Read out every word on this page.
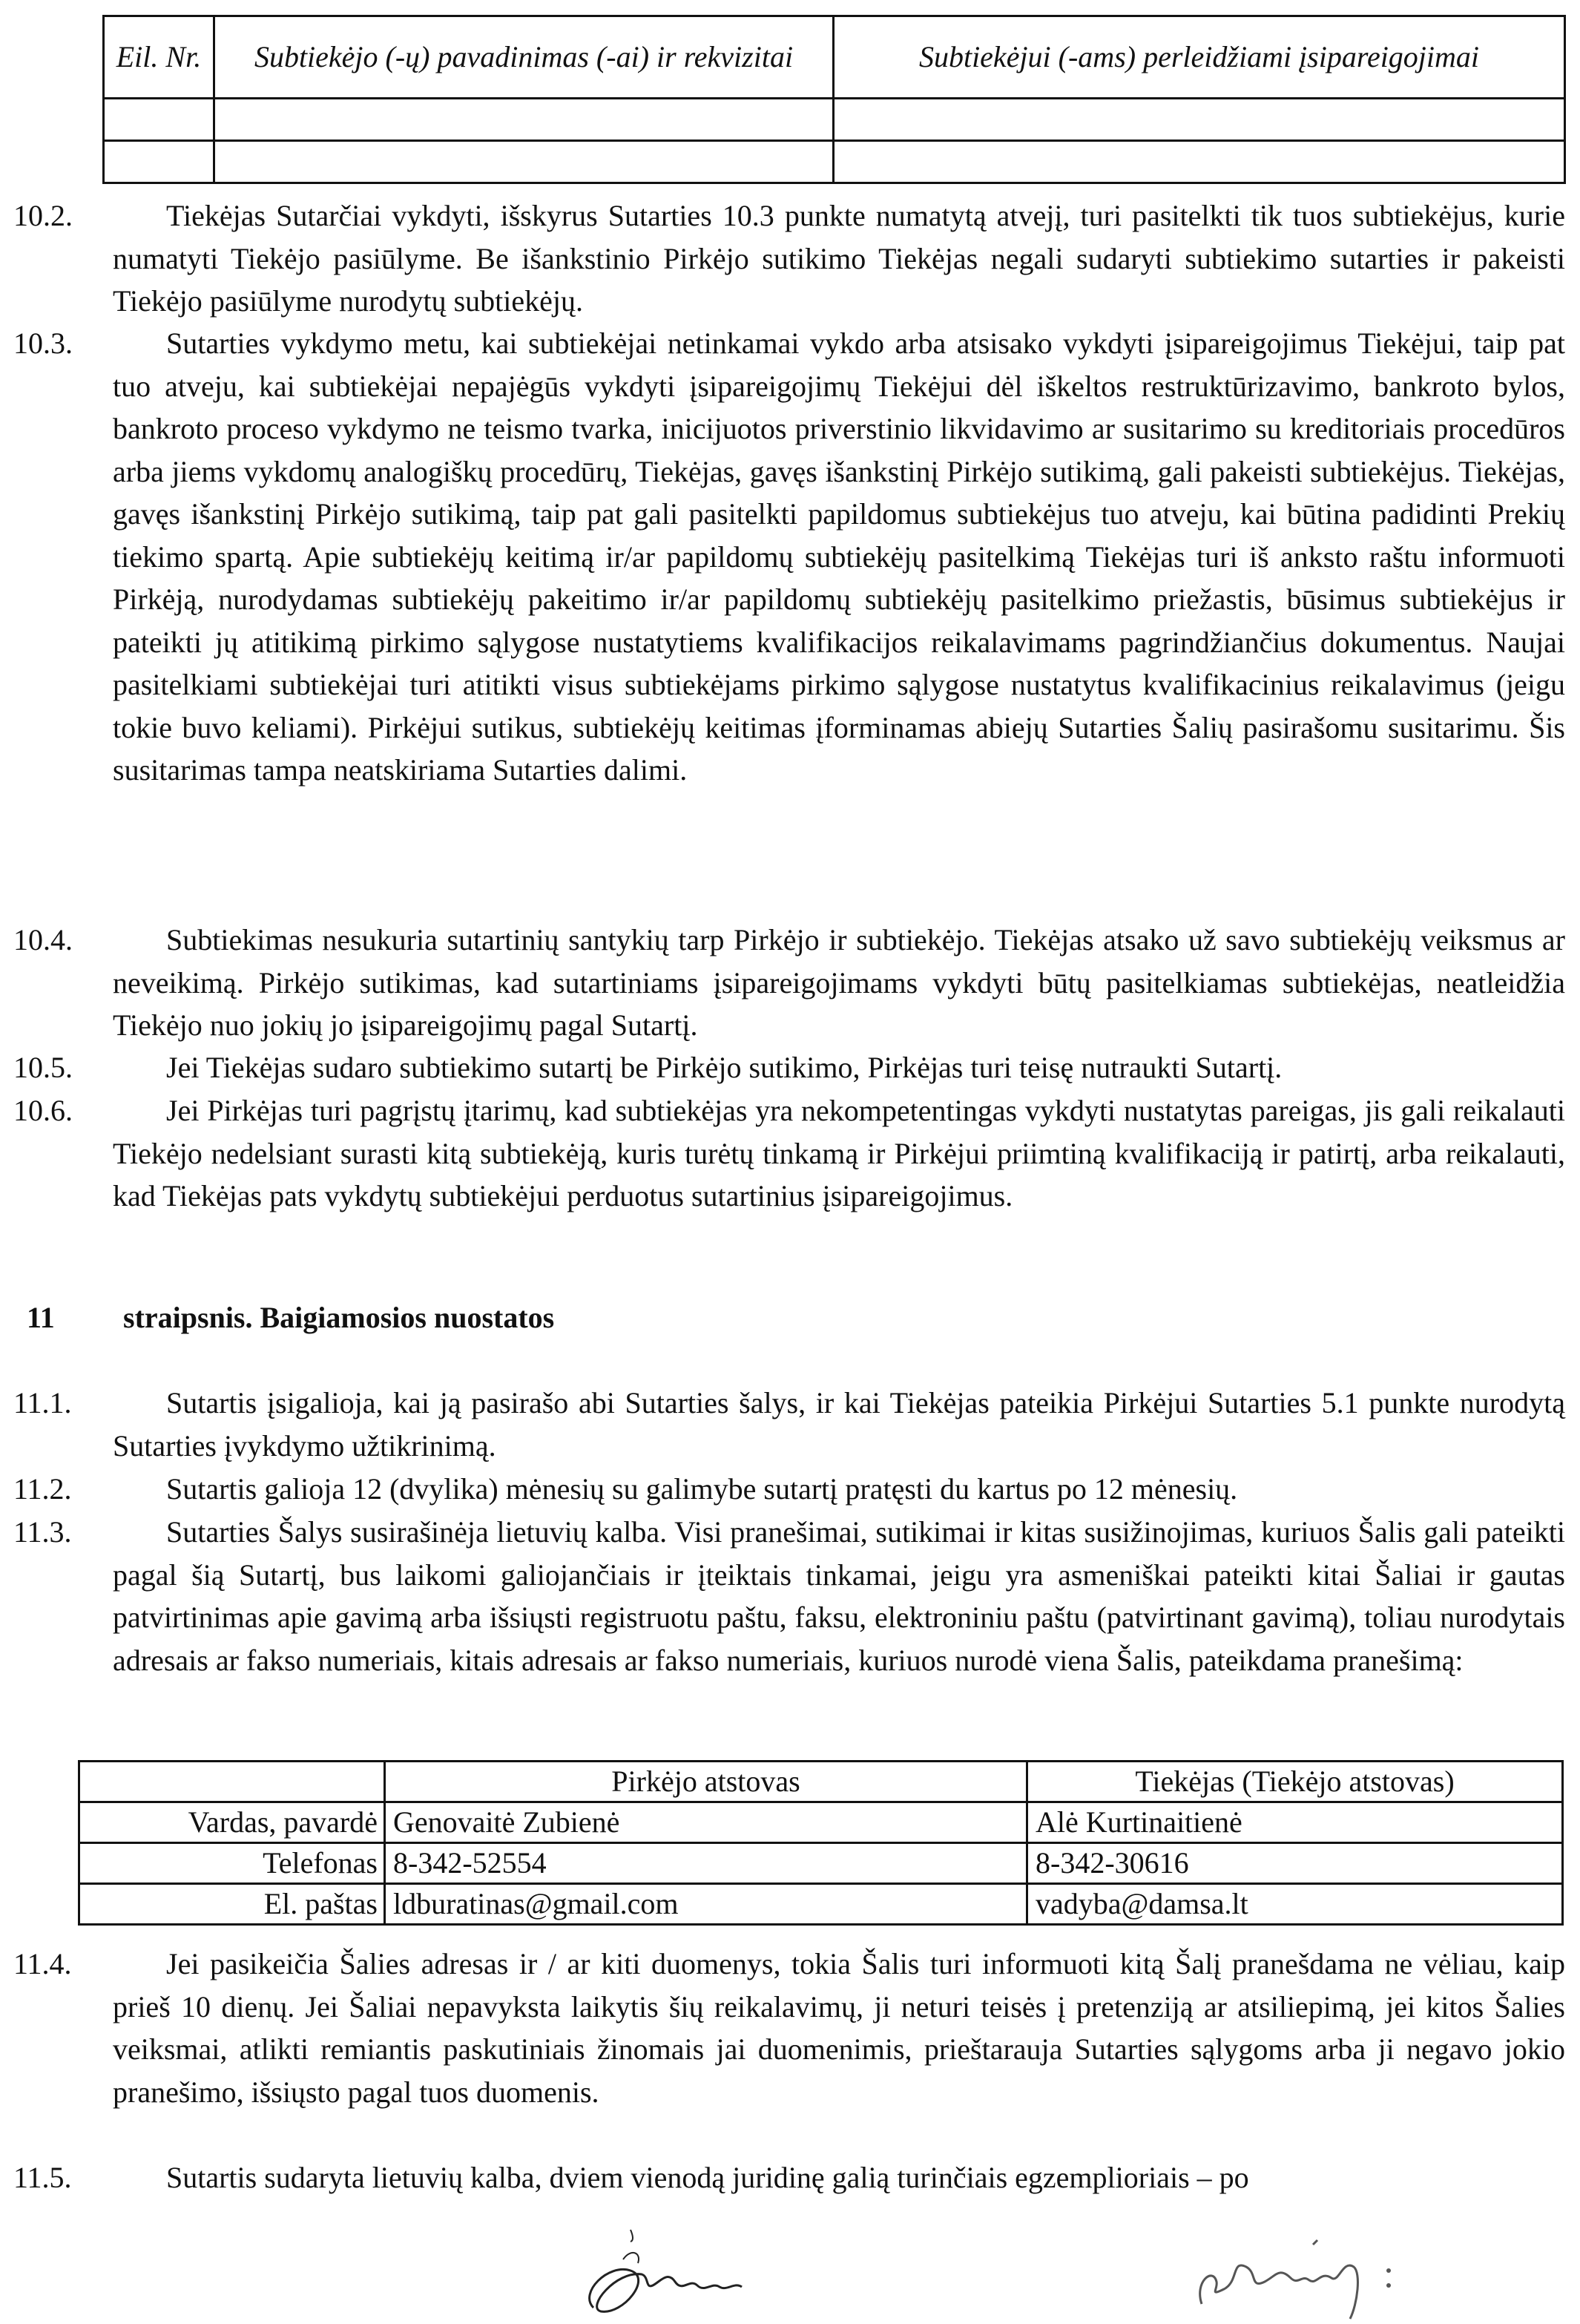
Eil. Nr.	Subtiekėjo (-ų) pavadinimas (-ai) ir rekvizitai	Subtiekėjui (-ams) perleidžiami įsipareigojimai

10.2.	Tiekėjas Sutarčiai vykdyti, išskyrus Sutarties 10.3 punkte numatytą atvejį, turi pasitelkti tik tuos subtiekėjus, kurie numatyti Tiekėjo pasiūlyme. Be išankstinio Pirkėjo sutikimo Tiekėjas negali sudaryti subtiekimo sutarties ir pakeisti Tiekėjo pasiūlyme nurodytų subtiekėjų.
10.3.	Sutarties vykdymo metu, kai subtiekėjai netinkamai vykdo arba atsisako vykdyti įsipareigojimus Tiekėjui, taip pat tuo atveju, kai subtiekėjai nepajėgūs vykdyti įsipareigojimų Tiekėjui dėl iškeltos restruktūrizavimo, bankroto bylos, bankroto proceso vykdymo ne teismo tvarka, inicijuotos priverstinio likvidavimo ar susitarimo su kreditoriais procedūros arba jiems vykdomų analogiškų procedūrų, Tiekėjas, gavęs išankstinį Pirkėjo sutikimą, gali pakeisti subtiekėjus. Tiekėjas, gavęs išankstinį Pirkėjo sutikimą, taip pat gali pasitelkti papildomus subtiekėjus tuo atveju, kai būtina padidinti Prekių tiekimo spartą. Apie subtiekėjų keitimą ir/ar papildomų subtiekėjų pasitelkimą Tiekėjas turi iš anksto raštu informuoti Pirkėją, nurodydamas subtiekėjų pakeitimo ir/ar papildomų subtiekėjų pasitelkimo priežastis, būsimus subtiekėjus ir pateikti jų atitikimą pirkimo sąlygose nustatytiems kvalifikacijos reikalavimams pagrindžiančius dokumentus. Naujai pasitelkiami subtiekėjai turi atitikti visus subtiekėjams pirkimo sąlygose nustatytus kvalifikacinius reikalavimus (jeigu tokie buvo keliami). Pirkėjui sutikus, subtiekėjų keitimas įforminamas abiejų Sutarties Šalių pasirašomu susitarimu. Šis susitarimas tampa neatskiriama Sutarties dalimi.
10.4.	Subtiekimas nesukuria sutartinių santykių tarp Pirkėjo ir subtiekėjo. Tiekėjas atsako už savo subtiekėjų veiksmus ar neveikimą. Pirkėjo sutikimas, kad sutartiniams įsipareigojimams vykdyti būtų pasitelkiamas subtiekėjas, neatleidžia Tiekėjo nuo jokių jo įsipareigojimų pagal Sutartį.
10.5.	Jei Tiekėjas sudaro subtiekimo sutartį be Pirkėjo sutikimo, Pirkėjas turi teisę nutraukti Sutartį.
10.6.	Jei Pirkėjas turi pagrįstų įtarimų, kad subtiekėjas yra nekompetentingas vykdyti nustatytas pareigas, jis gali reikalauti Tiekėjo nedelsiant surasti kitą subtiekėją, kuris turėtų tinkamą ir Pirkėjui priimtiną kvalifikaciją ir patirtį, arba reikalauti, kad Tiekėjas pats vykdytų subtiekėjui perduotus sutartinius įsipareigojimus.
11 straipsnis. Baigiamosios nuostatos
11.1.	Sutartis įsigalioja, kai ją pasirašo abi Sutarties šalys, ir kai Tiekėjas pateikia Pirkėjui Sutarties 5.1 punkte nurodytą Sutarties įvykdymo užtikrinimą.
11.2.	Sutartis galioja 12 (dvylika) mėnesių su galimybe sutartį pratęsti du kartus po 12 mėnesių.
11.3.	Sutarties Šalys susirašinėja lietuvių kalba. Visi pranešimai, sutikimai ir kitas susižinojimas, kuriuos Šalis gali pateikti pagal šią Sutartį, bus laikomi galiojančiais ir įteiktais tinkamai, jeigu yra asmeniškai pateikti kitai Šaliai ir gautas patvirtinimas apie gavimą arba išsiųsti registruotu paštu, faksu, elektroniniu paštu (patvirtinant gavimą), toliau nurodytais adresais ar fakso numeriais, kitais adresais ar fakso numeriais, kuriuos nurodė viena Šalis, pateikdama pranešimą:
	Pirkėjo atstovas	Tiekėjas (Tiekėjo atstovas)
Vardas, pavardė	Genovaitė Zubienė	Alė Kurtinaitienė
Telefonas	8-342-52554	8-342-30616
El. paštas	ldburatinas@gmail.com	vadyba@damsa.lt
11.4.	Jei pasikeičia Šalies adresas ir / ar kiti duomenys, tokia Šalis turi informuoti kitą Šalį pranešdama ne vėliau, kaip prieš 10 dienų. Jei Šaliai nepavyksta laikytis šių reikalavimų, ji neturi teisės į pretenziją ar atsiliepimą, jei kitos Šalies veiksmai, atlikti remiantis paskutiniais žinomais jai duomenimis, prieštarauja Sutarties sąlygoms arba ji negavo jokio pranešimo, išsiųsto pagal tuos duomenis.
11.5.	Sutartis sudaryta lietuvių kalba, dviem vienodą juridinę galią turinčiais egzemplioriais – po
